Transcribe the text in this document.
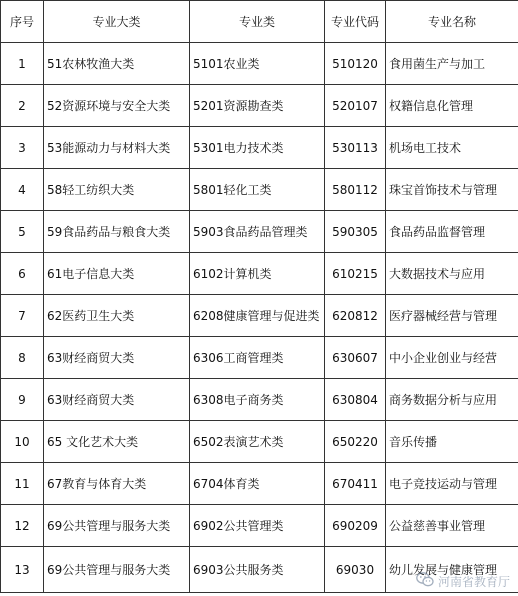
序号	专业大类	专业类	专业代码	专业名称
1	51农林牧渔大类	5101农业类	510120	食用菌生产与加工
2	52资源环境与安全大类	5201资源勘查类	520107	权籍信息化管理
3	53能源动力与材料大类	5301电力技术类	530113	机场电工技术
4	58轻工纺织大类	5801轻化工类	580112	珠宝首饰技术与管理
5	59食品药品与粮食大类	5903食品药品管理类	590305	食品药品监督管理
6	61电子信息大类	6102计算机类	610215	大数据技术与应用
7	62医药卫生大类	6208健康管理与促进类	620812	医疗器械经营与管理
8	63财经商贸大类	6306工商管理类	630607	中小企业创业与经营
9	63财经商贸大类	6308电子商务类	630804	商务数据分析与应用
10	65 文化艺术大类	6502表演艺术类	650220	音乐传播
11	67教育与体育大类	6704体育类	670411	电子竞技运动与管理
12	69公共管理与服务大类	6902公共管理类	690209	公益慈善事业管理
13	69公共管理与服务大类	6903公共服务类	69030	幼儿发展与健康管理
河南省教育厅
